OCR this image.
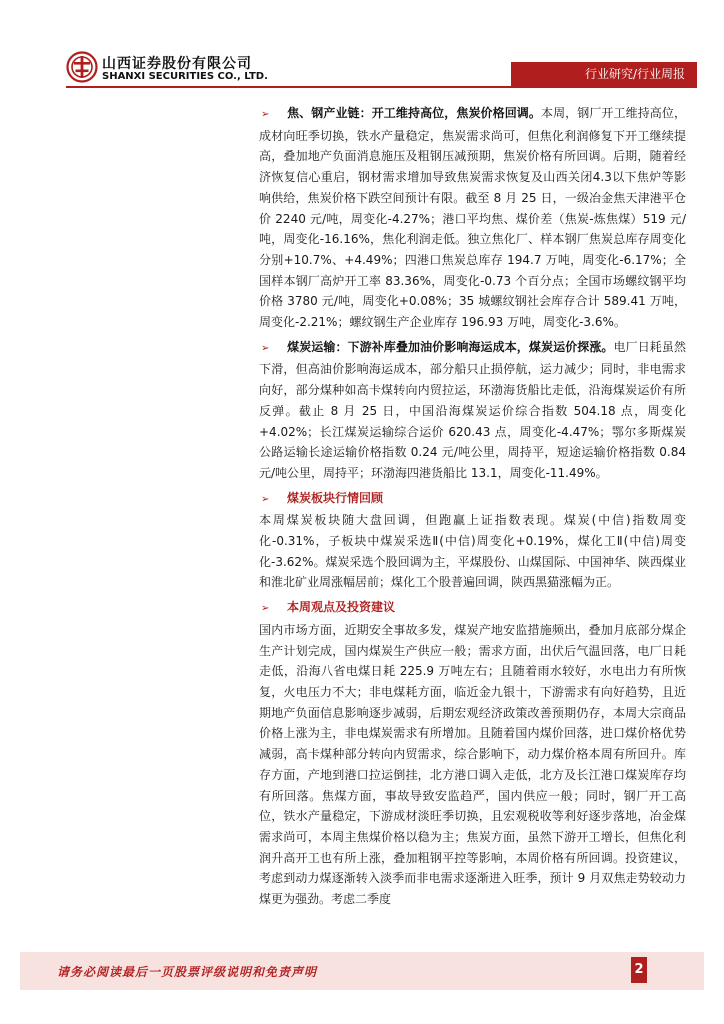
山西证券股份有限公司
SHANXI SECURITIES CO., LTD.	行业研究/行业周报

➢ 焦、钢产业链：开工维持高位，焦炭价格回调。本周，钢厂开工维持高位，成材向旺季切换，铁水产量稳定，焦炭需求尚可，但焦化利润修复下开工继续提高，叠加地产负面消息施压及粗钢压减预期，焦炭价格有所回调。后期，随着经济恢复信心重启，钢材需求增加导致焦炭需求恢复及山西关闭4.3以下焦炉等影响供给，焦炭价格下跌空间预计有限。截至 8 月 25 日，一级冶金焦天津港平仓价 2240 元/吨，周变化-4.27%；港口平均焦、煤价差（焦炭-炼焦煤）519 元/吨，周变化-16.16%，焦化利润走低。独立焦化厂、样本钢厂焦炭总库存周变化分别+10.7%、+4.49%；四港口焦炭总库存 194.7 万吨，周变化-6.17%；全国样本钢厂高炉开工率 83.36%，周变化-0.73 个百分点；全国市场螺纹钢平均价格 3780 元/吨，周变化+0.08%；35 城螺纹钢社会库存合计 589.41 万吨，周变化-2.21%；螺纹钢生产企业库存 196.93 万吨，周变化-3.6%。

➢ 煤炭运输：下游补库叠加油价影响海运成本，煤炭运价探涨。电厂日耗虽然下滑，但高油价影响海运成本，部分船只止损停航，运力减少；同时，非电需求向好，部分煤种如高卡煤转向内贸拉运，环渤海货船比走低，沿海煤炭运价有所反弹。截止 8 月 25 日，中国沿海煤炭运价综合指数 504.18 点，周变化+4.02%；长江煤炭运输综合运价 620.43 点，周变化-4.47%；鄂尔多斯煤炭公路运输长途运输价格指数 0.24 元/吨公里，周持平，短途运输价格指数 0.84 元/吨公里，周持平；环渤海四港货船比 13.1，周变化-11.49%。

➢ 煤炭板块行情回顾
本周煤炭板块随大盘回调，但跑赢上证指数表现。煤炭(中信)指数周变化-0.31%，子板块中煤炭采选Ⅱ(中信)周变化+0.19%，煤化工Ⅱ(中信)周变化-3.62%。煤炭采选个股回调为主，平煤股份、山煤国际、中国神华、陕西煤业和淮北矿业周涨幅居前；煤化工个股普遍回调，陕西黑猫涨幅为正。
➢ 本周观点及投资建议
国内市场方面，近期安全事故多发，煤炭产地安监措施频出，叠加月底部分煤企生产计划完成，国内煤炭生产供应一般；需求方面，出伏后气温回落，电厂日耗走低，沿海八省电煤日耗 225.9 万吨左右；且随着雨水较好，水电出力有所恢复，火电压力不大；非电煤耗方面，临近金九银十，下游需求有向好趋势，且近期地产负面信息影响逐步减弱，后期宏观经济政策改善预期仍存，本周大宗商品价格上涨为主，非电煤炭需求有所增加。且随着国内煤价回落，进口煤价格优势减弱，高卡煤种部分转向内贸需求，综合影响下，动力煤价格本周有所回升。库存方面，产地到港口拉运倒挂，北方港口调入走低，北方及长江港口煤炭库存均有所回落。焦煤方面，事故导致安监趋严，国内供应一般；同时，钢厂开工高位，铁水产量稳定，下游成材淡旺季切换，且宏观税收等利好逐步落地，冶金煤需求尚可，本周主焦煤价格以稳为主；焦炭方面，虽然下游开工增长，但焦化利润升高开工也有所上涨，叠加粗钢平控等影响，本周价格有所回调。投资建议，考虑到动力煤逐渐转入淡季而非电需求逐渐进入旺季，预计 9 月双焦走势较动力煤更为强劲。考虑二季度
请务必阅读最后一页股票评级说明和免责声明	2
